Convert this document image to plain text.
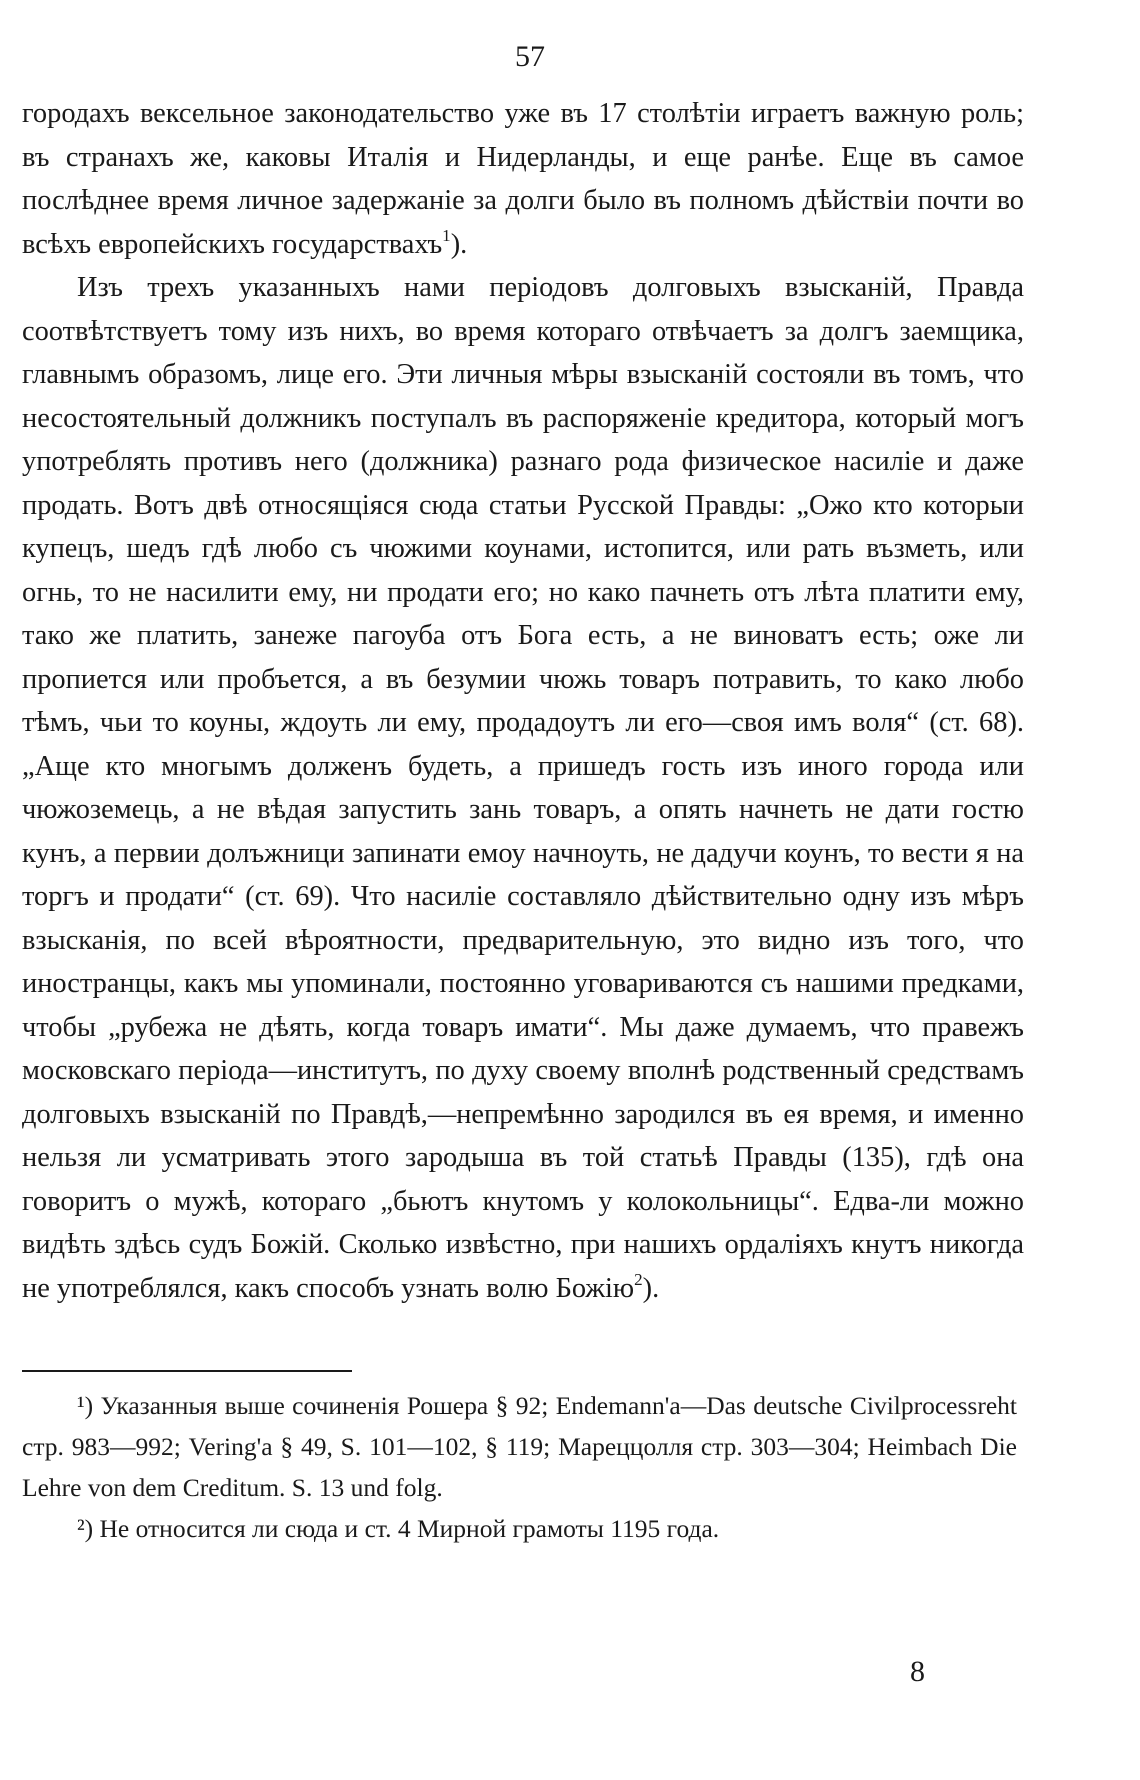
57

городахъ вексельное законодательство уже въ 17 столѣтіи играетъ важную роль; въ странахъ же, каковы Италія и Нидерланды, и еще ранѣе. Еще въ самое послѣднее время личное задержаніе за долги было въ полномъ дѣйствіи почти во всѣхъ европейскихъ государствахъ$^1$).

Изъ трехъ указанныхъ нами періодовъ долговыхъ взысканій, Правда соотвѣтствуетъ тому изъ нихъ, во время котораго отвѣчаетъ за долгъ заемщика, главнымъ образомъ, лице его. Эти личныя мѣры взысканій состояли въ томъ, что несостоятельный должникъ поступалъ въ распоряженіе кредитора, который могъ употреблять противъ него (должника) разнаго рода физическое насиліе и даже продать. Вотъ двѣ относящіяся сюда статьи Русской Правды: „Ожо кто которыи купецъ, шедъ гдѣ любо съ чюжими коунами, истопится, или рать възметь, или огнь, то не насилити ему, ни продати его; но како пачнеть отъ лѣта платити ему, тако же платить, занеже пагоуба отъ Бога есть, а не виноватъ есть; оже ли пропиется или пробъется, а въ безумии чюжь товаръ потравить, то како любо тѣмъ, чьи то коуны, ждоуть ли ему, продадоутъ ли его—своя имъ воля“ (ст. 68). „Аще кто многымъ долженъ будеть, а пришедъ гость изъ иного города или чюжоземець, а не вѣдая запустить зань товаръ, а опять начнеть не дати гостю кунъ, а первии долъжници запинати емоу начноуть, не дадучи коунъ, то вести я на торгъ и продати“ (ст. 69). Что насиліе составляло дѣйствительно одну изъ мѣръ взысканія, по всей вѣроятности, предварительную, это видно изъ того, что иностранцы, какъ мы упоминали, постоянно уговариваются съ нашими предками, чтобы „рубежа не дѣять, когда товаръ имати“. Мы даже думаемъ, что правежъ московскаго періода—институтъ, по духу своему вполнѣ родственный средствамъ долговыхъ взысканій по Правдѣ,—непремѣнно зародился въ ея время, и именно нельзя ли усматривать этого зародыша въ той статьѣ Правды (135), гдѣ она говоритъ о мужѣ, котораго „бьютъ кнутомъ у колокольницы“. Едва-ли можно видѣть здѣсь судъ Божій. Сколько извѣстно, при нашихъ ордаліяхъ кнутъ никогда не употреблялся, какъ способъ узнать волю Божію$^2$).

¹) Указанныя выше сочиненія Рошера § 92; Endemann'a—Das deutsche Civilprocessreht стр. 983—992; Vering'a § 49, S. 101—102, § 119; Мареццолля стр. 303—304; Heimbach Die Lehre von dem Creditum. S. 13 und folg.

²) Не относится ли сюда и ст. 4 Мирной грамоты 1195 года.

8
